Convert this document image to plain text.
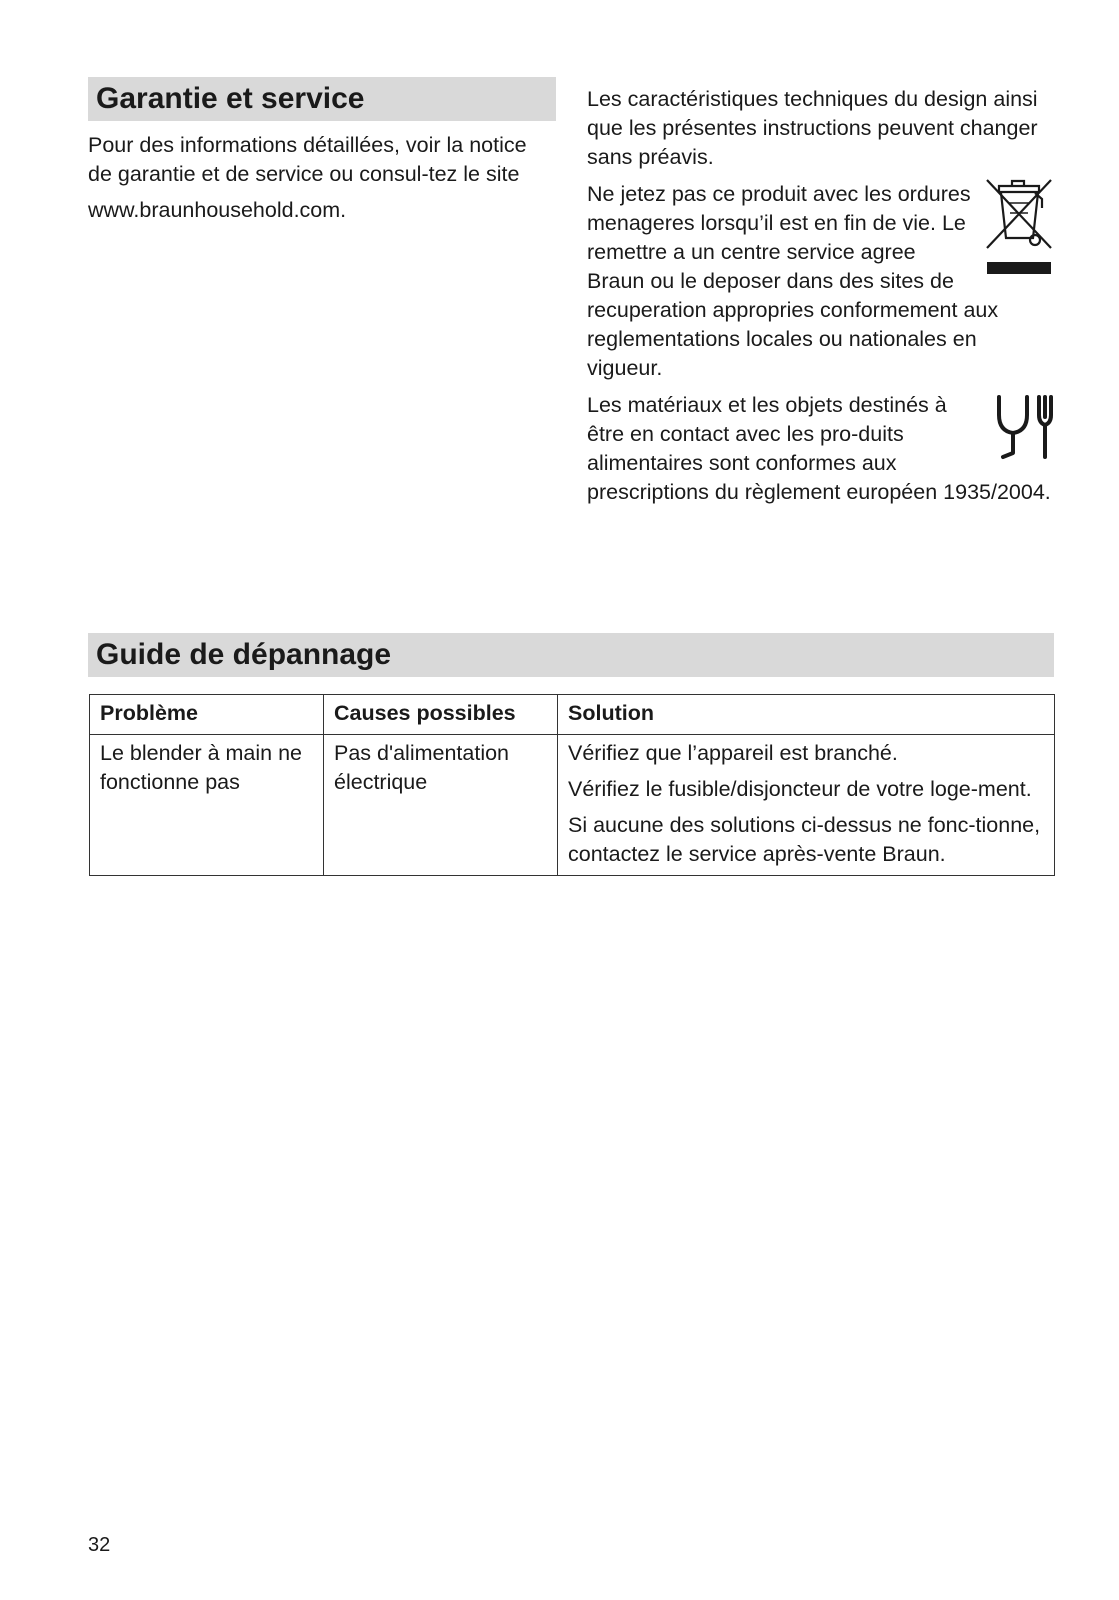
Garantie et service

Pour des informations détaillées, voir la notice de garantie et de service ou consul-tez le site

www.braunhousehold.com.

Les caractéristiques techniques du design ainsi que les présentes instructions peuvent changer sans préavis.

Ne jetez pas ce produit avec les ordures menageres lorsqu’il est en fin de vie. Le remettre a un centre service agree Braun ou le deposer dans des sites de recuperation appropries conformement aux reglementations locales ou nationales en vigueur.

Les matériaux et les objets destinés à être en contact avec les pro-duits alimentaires sont conformes aux prescriptions du règlement européen 1935/2004.

Guide de dépannage
Problème	Causes possibles	Solution
Le blender à main ne fonctionne pas	Pas d'alimentation électrique	Vérifiez que l’appareil est branché.

Vérifiez le fusible/disjoncteur de votre loge-ment.

Si aucune des solutions ci-dessus ne fonc-tionne, contactez le service après-vente Braun.

32
